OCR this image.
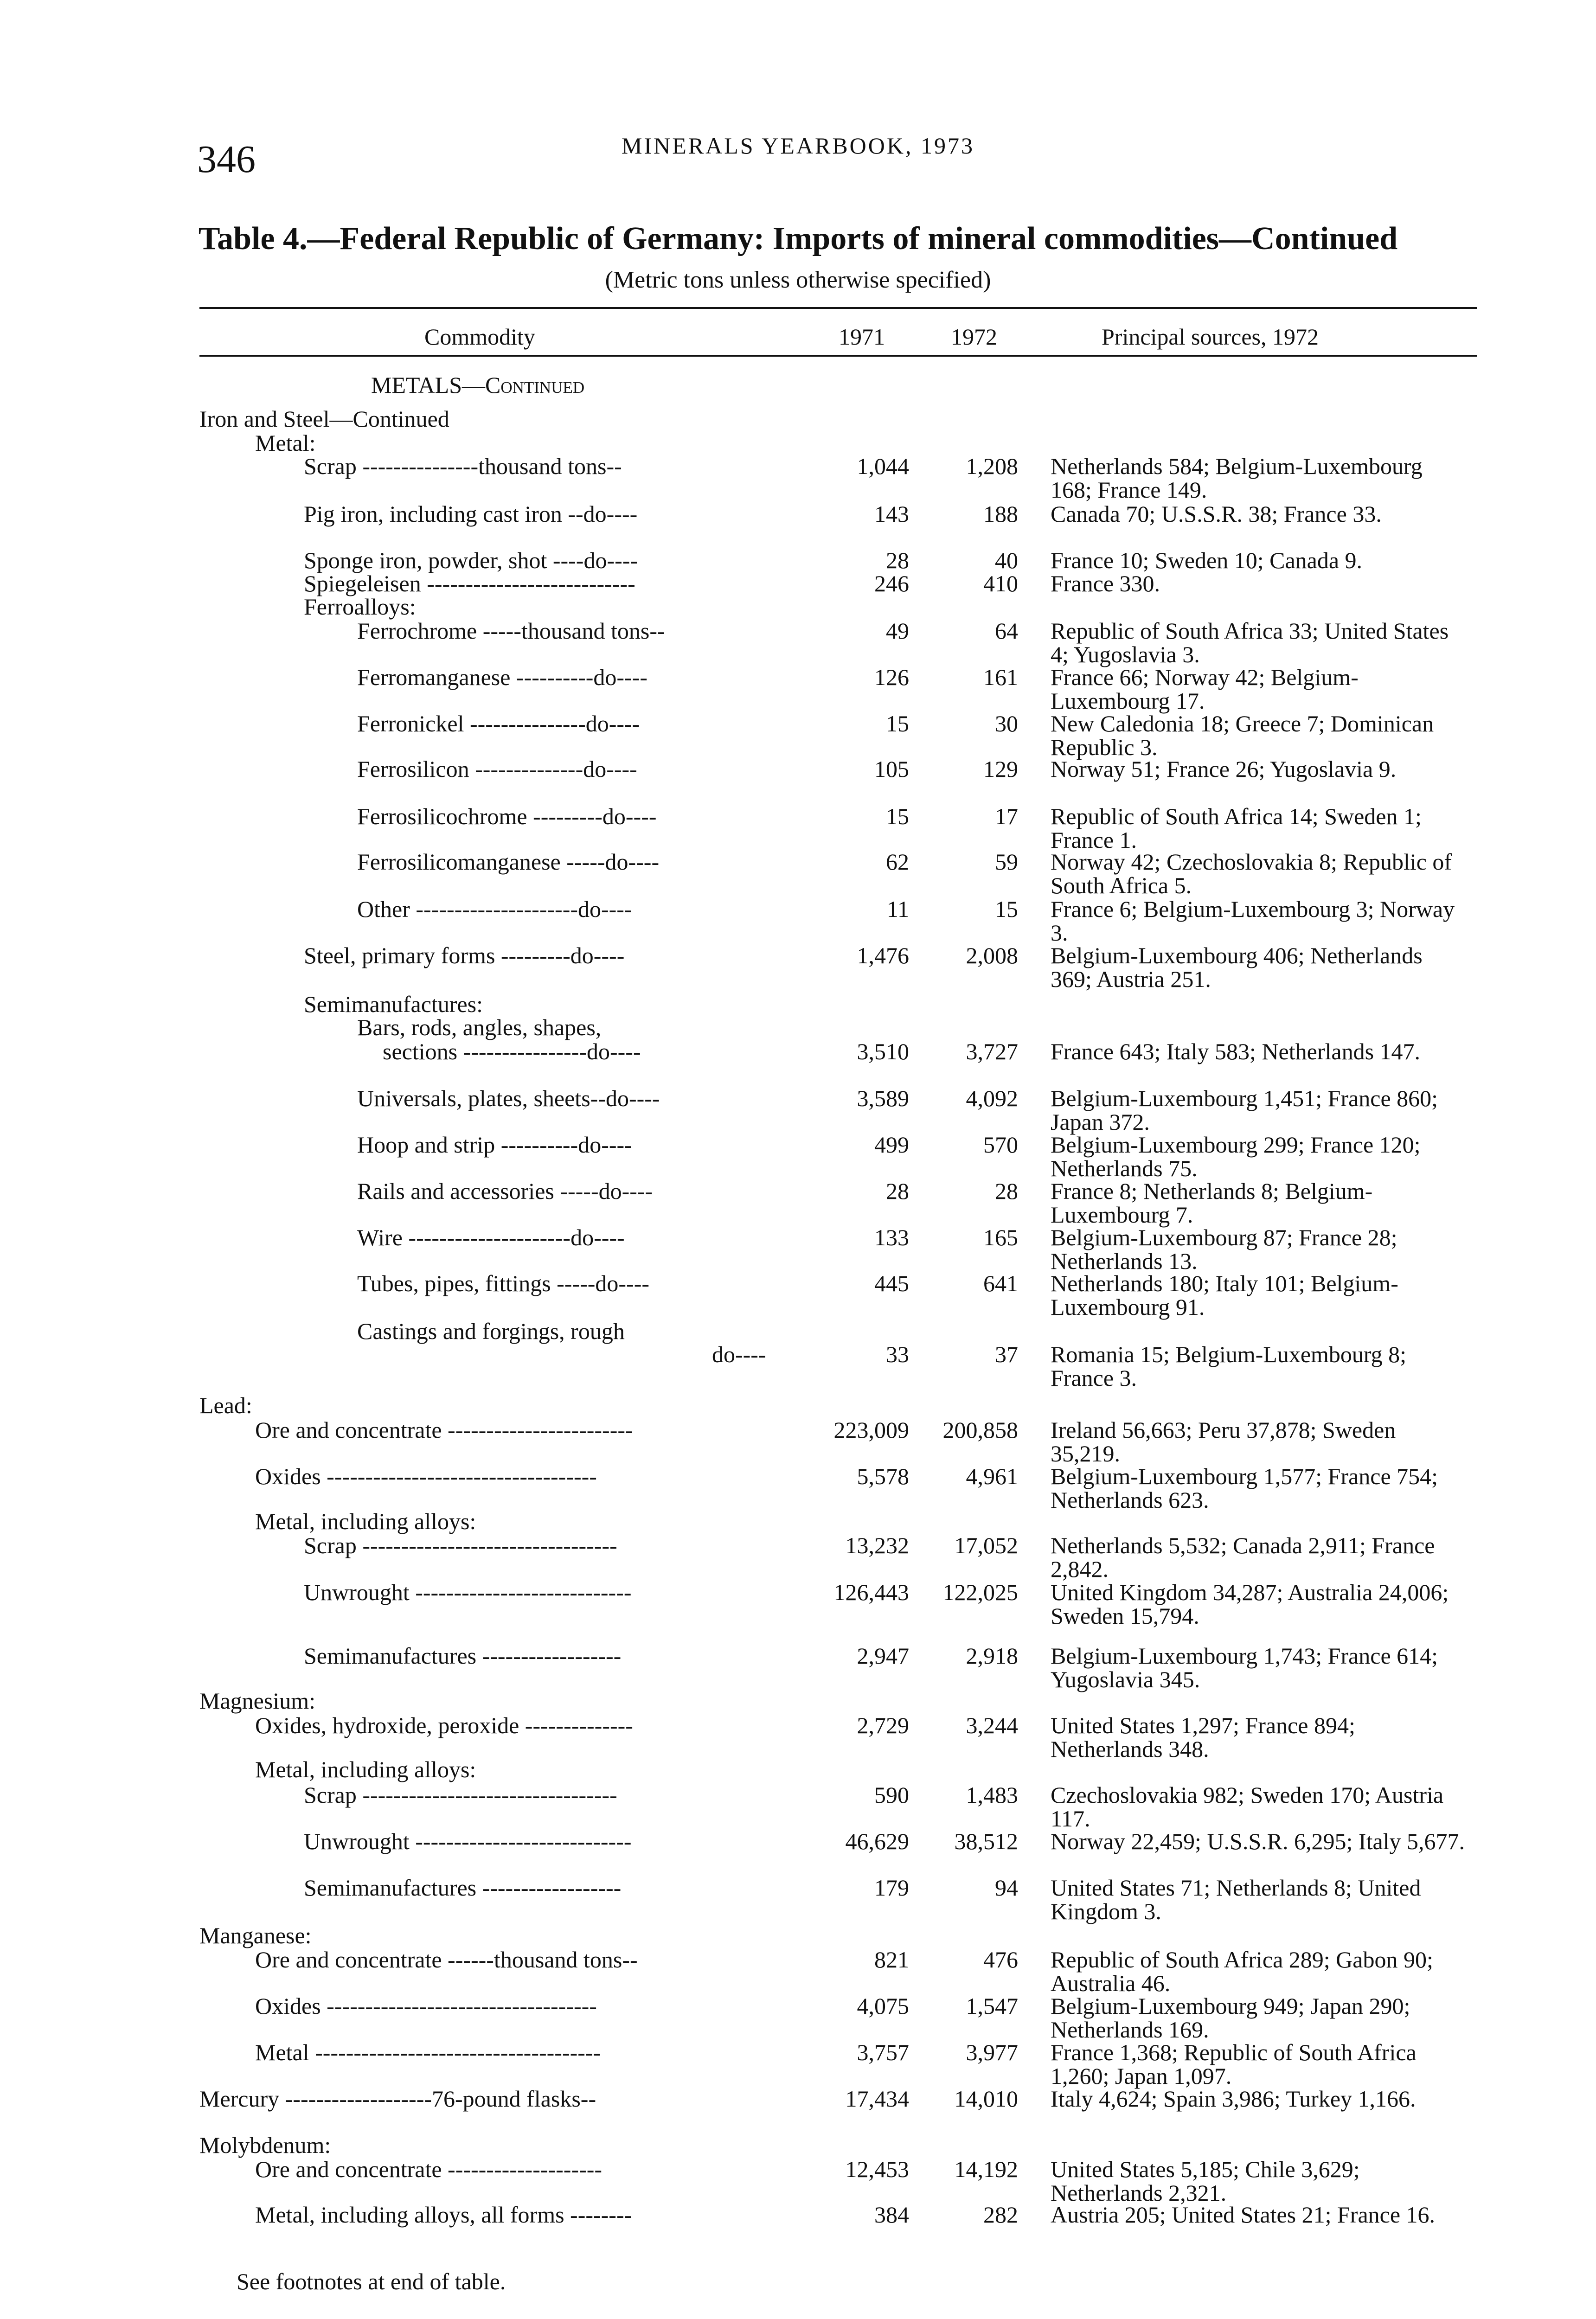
346	MINERALS YEARBOOK, 1973
Table 4.—Federal Republic of Germany: Imports of mineral commodities—Continued
(Metric tons unless otherwise specified)
Commodity	1971	1972	Principal sources, 1972
METALS—Continued
Iron and Steel—Continued
Metal:
Scrap ---------------thousand tons--	1,044 1,208 Netherlands 584; Belgium-Luxembourg 168; France 149.
Pig iron, including cast iron --do----	143	188 Canada 70; U.S.S.R. 38; France 33.
Sponge iron, powder, shot ----do----	28	40 France 10; Sweden 10; Canada 9.
Spiegeleisen ---------------------------	246	410 France 330.
Ferroalloys:
Ferrochrome -----thousand tons--	49	64 Republic of South Africa 33; United States 4; Yugoslavia 3.
Ferromanganese ----------do----	126	161 France 66; Norway 42; Belgium-Luxembourg 17.
Ferronickel ---------------do----	15	30 New Caledonia 18; Greece 7; Dominican Republic 3.
Ferrosilicon --------------do----	105	129 Norway 51; France 26; Yugoslavia 9.
Ferrosilicochrome ---------do----	15	17 Republic of South Africa 14; Sweden 1; France 1.
Ferrosilicomanganese -----do----	62	59 Norway 42; Czechoslovakia 8; Republic of South Africa 5.
Other ---------------------do----	11	15 France 6; Belgium-Luxembourg 3; Norway 3.
Steel, primary forms ---------do----	1,476 2,008 Belgium-Luxembourg 406; Netherlands 369; Austria 251.
Semimanufactures:
Bars, rods, angles, shapes,
sections ----------------do----	3,510 3,727 France 643; Italy 583; Netherlands 147.
Universals, plates, sheets--do----	3,589 4,092 Belgium-Luxembourg 1,451; France 860; Japan 372.
Hoop and strip ----------do----	499	570 Belgium-Luxembourg 299; France 120; Netherlands 75.
Rails and accessories -----do----	28	28 France 8; Netherlands 8; Belgium-Luxembourg 7.
Wire ---------------------do----	133	165 Belgium-Luxembourg 87; France 28; Netherlands 13.
Tubes, pipes, fittings -----do----	445	641 Netherlands 180; Italy 101; Belgium-Luxembourg 91.
Castings and forgings, rough
do----	33	37 Romania 15; Belgium-Luxembourg 8; France 3.
Lead:
Ore and concentrate ------------------------	223,009 200,858 Ireland 56,663; Peru 37,878; Sweden 35,219.
Oxides -----------------------------------	5,578 4,961 Belgium-Luxembourg 1,577; France 754; Netherlands 623.
Metal, including alloys:
Scrap ---------------------------------	13,232 17,052 Netherlands 5,532; Canada 2,911; France 2,842.
Unwrought ----------------------------	126,443 122,025 United Kingdom 34,287; Australia 24,006; Sweden 15,794.
Semimanufactures ------------------	2,947 2,918 Belgium-Luxembourg 1,743; France 614; Yugoslavia 345.
Magnesium:
Oxides, hydroxide, peroxide --------------	2,729 3,244 United States 1,297; France 894; Netherlands 348.
Metal, including alloys:
Scrap ---------------------------------	590 1,483 Czechoslovakia 982; Sweden 170; Austria 117.
Unwrought ----------------------------	46,629 38,512 Norway 22,459; U.S.S.R. 6,295; Italy 5,677.
Semimanufactures ------------------	179	94 United States 71; Netherlands 8; United Kingdom 3.
Manganese:
Ore and concentrate ------thousand tons--	821	476 Republic of South Africa 289; Gabon 90; Australia 46.
Oxides -----------------------------------	4,075 1,547 Belgium-Luxembourg 949; Japan 290; Netherlands 169.
Metal -------------------------------------	3,757 3,977 France 1,368; Republic of South Africa 1,260; Japan 1,097.
Mercury -------------------76-pound flasks--	17,434 14,010 Italy 4,624; Spain 3,986; Turkey 1,166.
Molybdenum:
Ore and concentrate --------------------	12,453 14,192 United States 5,185; Chile 3,629; Netherlands 2,321.
Metal, including alloys, all forms --------	384	282 Austria 205; United States 21; France 16.
See footnotes at end of table.
